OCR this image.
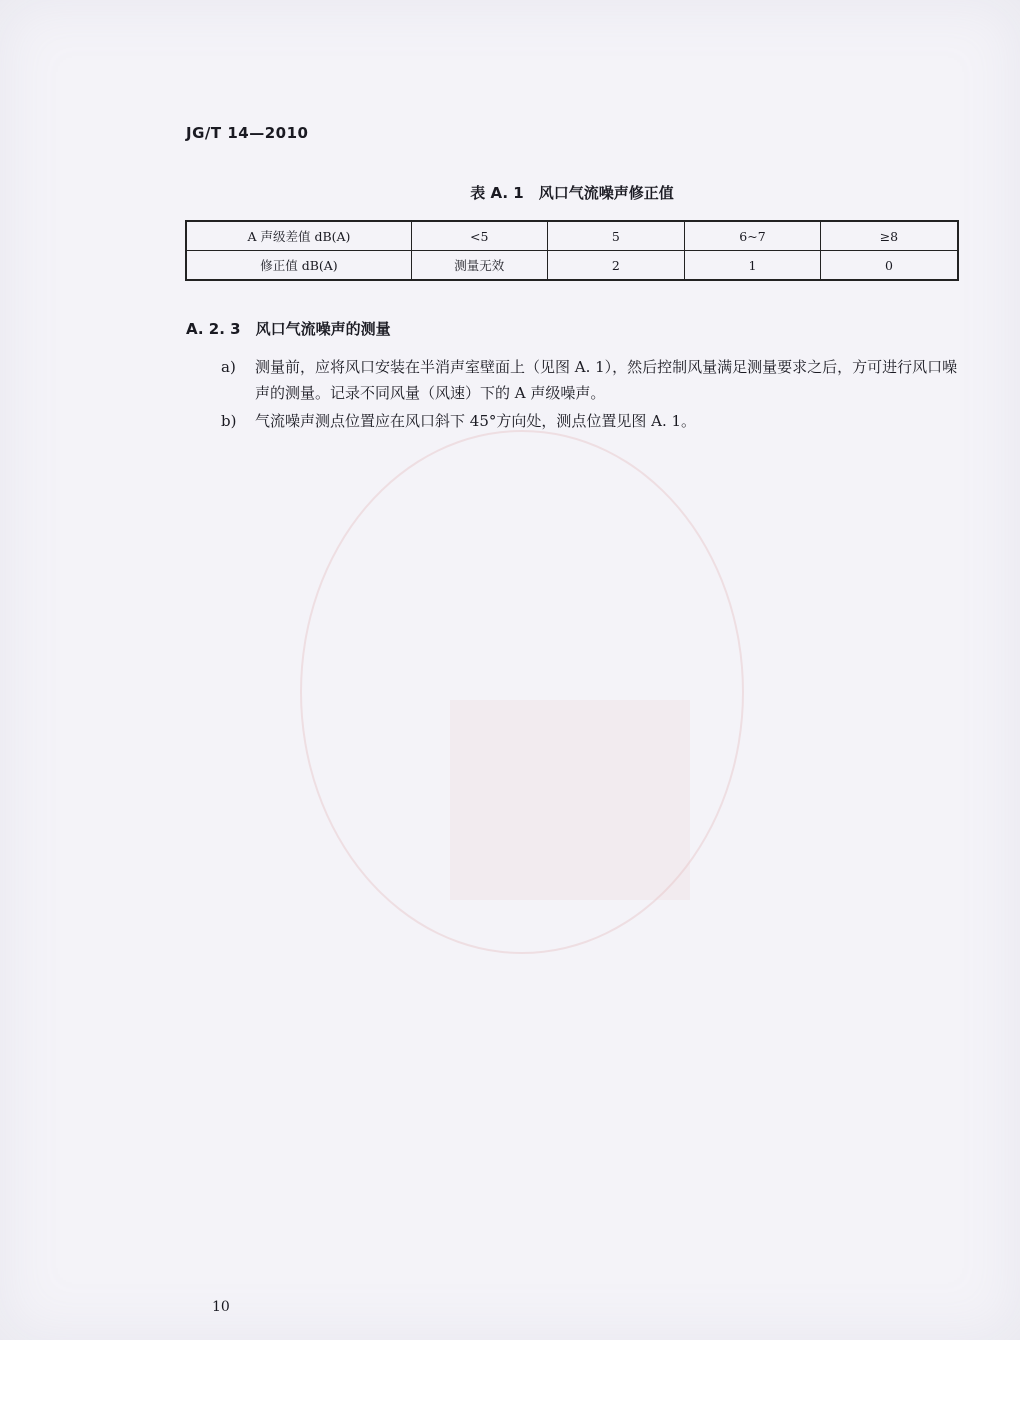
JG/T 14—2010
表 A. 1　风口气流噪声修正值
A 声级差值 dB(A)	<5	5	6~7	≥8
修正值 dB(A)	测量无效	2	1	0
A. 2. 3　风口气流噪声的测量
a)	测量前，应将风口安装在半消声室壁面上（见图 A. 1），然后控制风量满足测量要求之后，方可进行风口噪声的测量。记录不同风量（风速）下的 A 声级噪声。
b)	气流噪声测点位置应在风口斜下 45°方向处，测点位置见图 A. 1。
10
